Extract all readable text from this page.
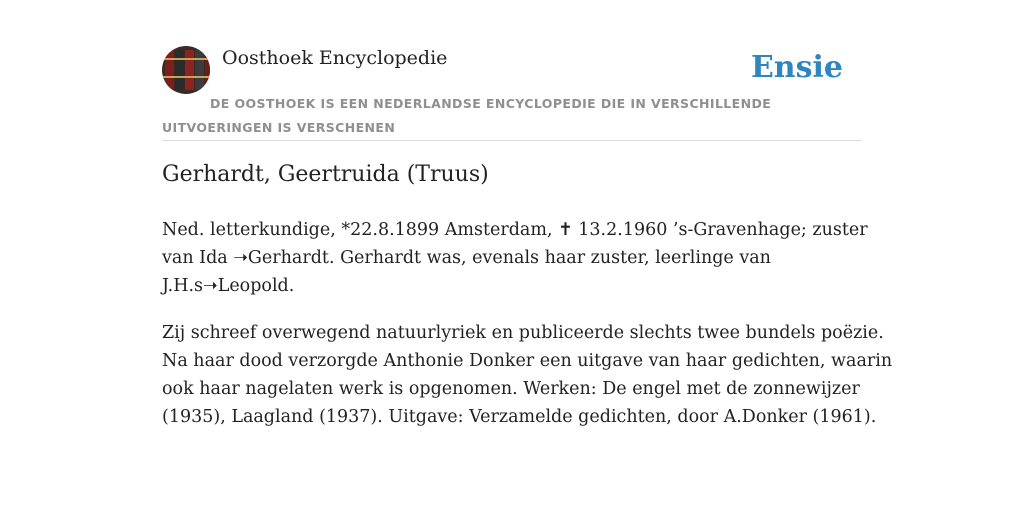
Oosthoek Encyclopedie	Ensie

DE OOSTHOEK IS EEN NEDERLANDSE ENCYCLOPEDIE DIE IN VERSCHILLENDE UITVOERINGEN IS VERSCHENEN

Gerhardt, Geertruida (Truus)

Ned. letterkundige, *22.8.1899 Amsterdam, ✝ 13.2.1960 ’s-Gravenhage; zuster
van Ida ➝Gerhardt. Gerhardt was, evenals haar zuster, leerlinge van
J.H.s➝Leopold.

Zij schreef overwegend natuurlyriek en publiceerde slechts twee bundels poëzie.
Na haar dood verzorgde Anthonie Donker een uitgave van haar gedichten, waarin
ook haar nagelaten werk is opgenomen. Werken: De engel met de zonnewijzer
(1935), Laagland (1937). Uitgave: Verzamelde gedichten, door A.Donker (1961).
